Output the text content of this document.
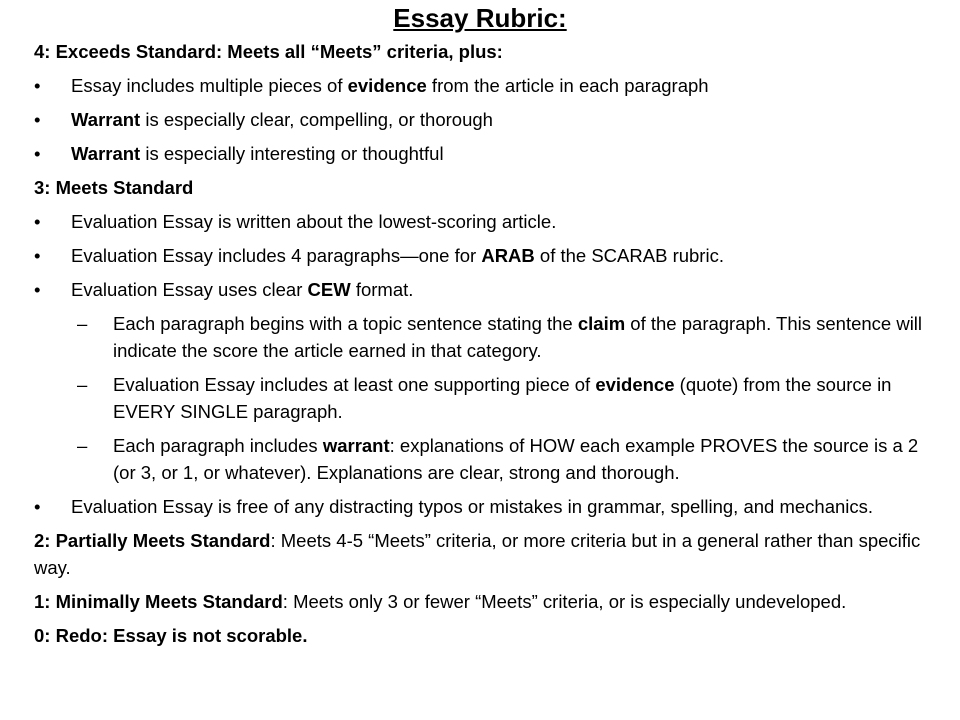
Essay Rubric:
4: Exceeds Standard: Meets all “Meets” criteria, plus:
• Essay includes multiple pieces of evidence from the article in each paragraph
• Warrant is especially clear, compelling, or thorough
• Warrant is especially interesting or thoughtful
3: Meets Standard
• Evaluation Essay is written about the lowest-scoring article.
• Evaluation Essay includes 4 paragraphs—one for ARAB of the SCARAB rubric.
• Evaluation Essay uses clear CEW format.
– Each paragraph begins with a topic sentence stating the claim of the paragraph. This sentence will indicate the score the article earned in that category.
– Evaluation Essay includes at least one supporting piece of evidence (quote) from the source in EVERY SINGLE paragraph.
– Each paragraph includes warrant: explanations of HOW each example PROVES the source is a 2 (or 3, or 1, or whatever). Explanations are clear, strong and thorough.
• Evaluation Essay is free of any distracting typos or mistakes in grammar, spelling, and mechanics.
2: Partially Meets Standard: Meets 4-5 “Meets” criteria, or more criteria but in a general rather than specific way.
1: Minimally Meets Standard: Meets only 3 or fewer “Meets” criteria, or is especially undeveloped.
0: Redo: Essay is not scorable.
